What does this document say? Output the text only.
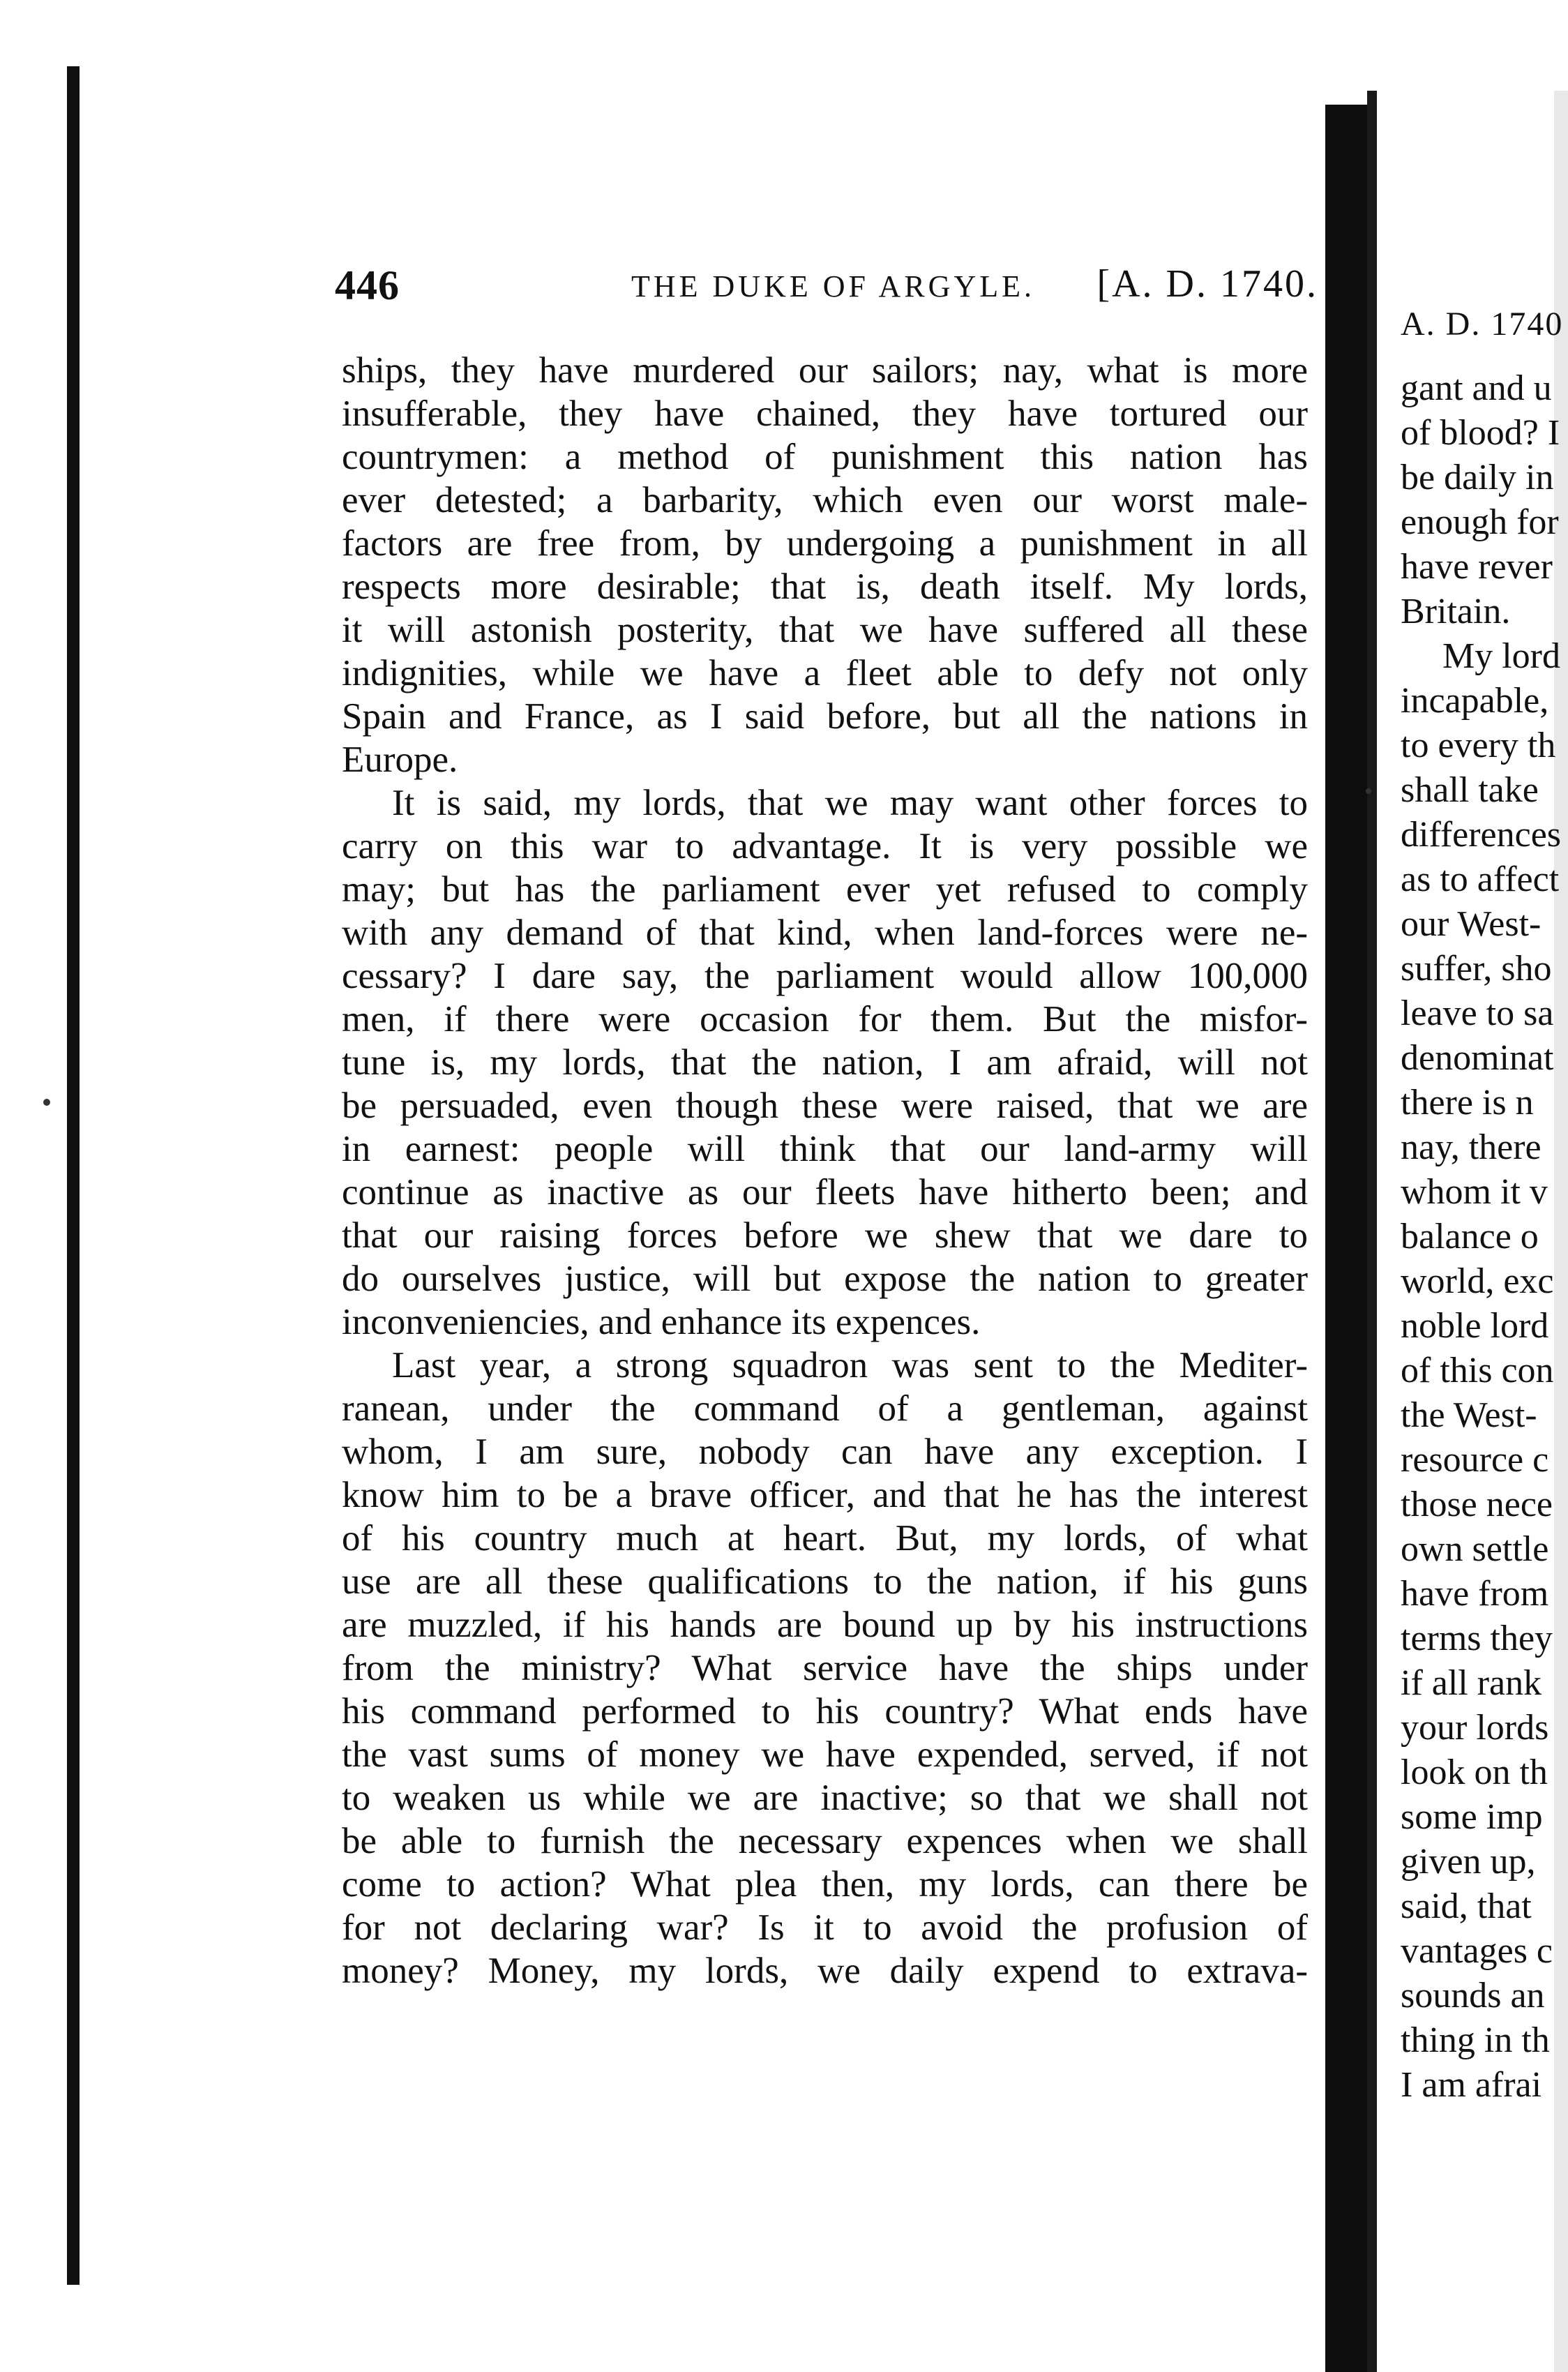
446	THE DUKE OF ARGYLE. [A. D. 1740.
ships, they have murdered our sailors; nay, what is more
insufferable, they have chained, they have tortured our
countrymen: a method of punishment this nation has
ever detested; a barbarity, which even our worst male-
factors are free from, by undergoing a punishment in all
respects more desirable; that is, death itself. My lords,
it will astonish posterity, that we have suffered all these
indignities, while we have a fleet able to defy not only
Spain and France, as I said before, but all the nations in
Europe.
It is said, my lords, that we may want other forces to
carry on this war to advantage. It is very possible we
may; but has the parliament ever yet refused to comply
with any demand of that kind, when land-forces were ne-
cessary? I dare say, the parliament would allow 100,000
men, if there were occasion for them. But the misfor-
tune is, my lords, that the nation, I am afraid, will not
be persuaded, even though these were raised, that we are
in earnest: people will think that our land-army will
continue as inactive as our fleets have hitherto been; and
that our raising forces before we shew that we dare to
do ourselves justice, will but expose the nation to greater
inconveniencies, and enhance its expences.
Last year, a strong squadron was sent to the Mediter-
ranean, under the command of a gentleman, against
whom, I am sure, nobody can have any exception. I
know him to be a brave officer, and that he has the interest
of his country much at heart. But, my lords, of what
use are all these qualifications to the nation, if his guns
are muzzled, if his hands are bound up by his instructions
from the ministry? What service have the ships under
his command performed to his country? What ends have
the vast sums of money we have expended, served, if not
to weaken us while we are inactive; so that we shall not
be able to furnish the necessary expences when we shall
come to action? What plea then, my lords, can there be
for not declaring war? Is it to avoid the profusion of
money? Money, my lords, we daily expend to extrava-
A. D. 1740
gant and u
of blood? I
be daily in
enough for
have rever
Britain.
My lord
incapable,
to every th
shall take
differences
as to affect
our West-
suffer, sho
leave to sa
denominat
there is n
nay, there
whom it v
balance o
world, exc
noble lord
of this con
the West-
resource c
those nece
own settle
have from
terms they
if all rank
your lords
look on th
some imp
given up,
said, that
vantages c
sounds an
thing in th
I am afrai
